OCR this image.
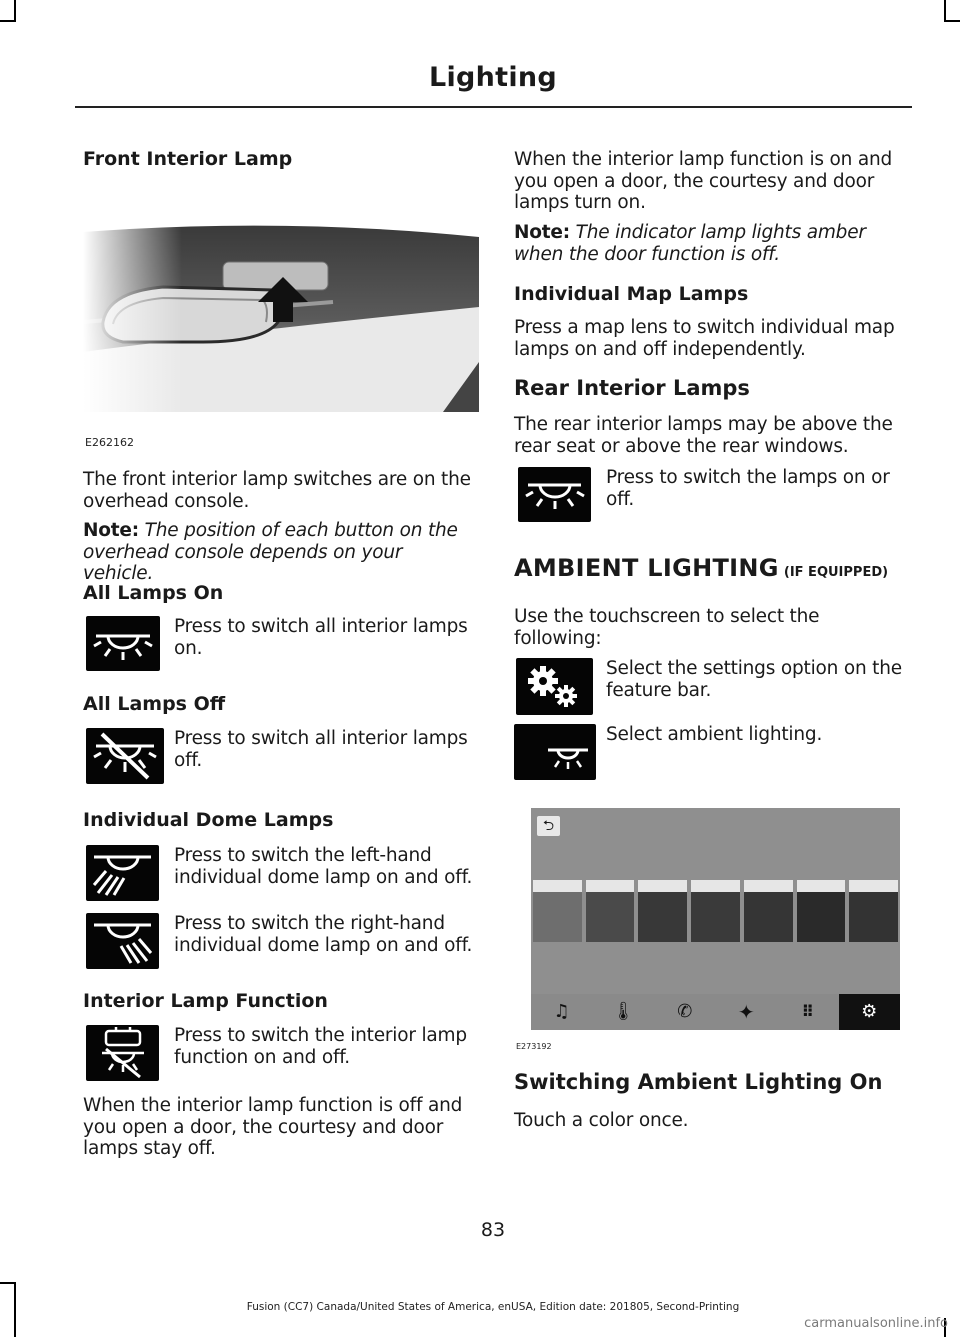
Lighting
Front Interior Lamp
E262162

The front interior lamp switches are on the overhead console.

Note: The position of each button on the overhead console depends on your vehicle.

All Lamps On

Press to switch all interior lamps on.

All Lamps Off

Press to switch all interior lamps off.

Individual Dome Lamps

Press to switch the left-hand individual dome lamp on and off.

Press to switch the right-hand individual dome lamp on and off.

Interior Lamp Function

Press to switch the interior lamp function on and off.

When the interior lamp function is off and you open a door, the courtesy and door lamps stay off.

When the interior lamp function is on and you open a door, the courtesy and door lamps turn on.

Note: The indicator lamp lights amber when the door function is off.

Individual Map Lamps

Press a map lens to switch individual map lamps on and off independently.

Rear Interior Lamps

The rear interior lamps may be above the rear seat or above the rear windows.

Press to switch the lamps on or off.

AMBIENT LIGHTING (IF EQUIPPED)

Use the touchscreen to select the following:

Select the settings option on the feature bar.

Select ambient lighting.

⮌
♫	🌡︎	✆	✦	⠿	⚙
E273192
Switching Ambient Lighting On

Touch a color once.

83
Fusion (CC7) Canada/United States of America, enUSA, Edition date: 201805, Second-Printing
carmanualsonline.info
